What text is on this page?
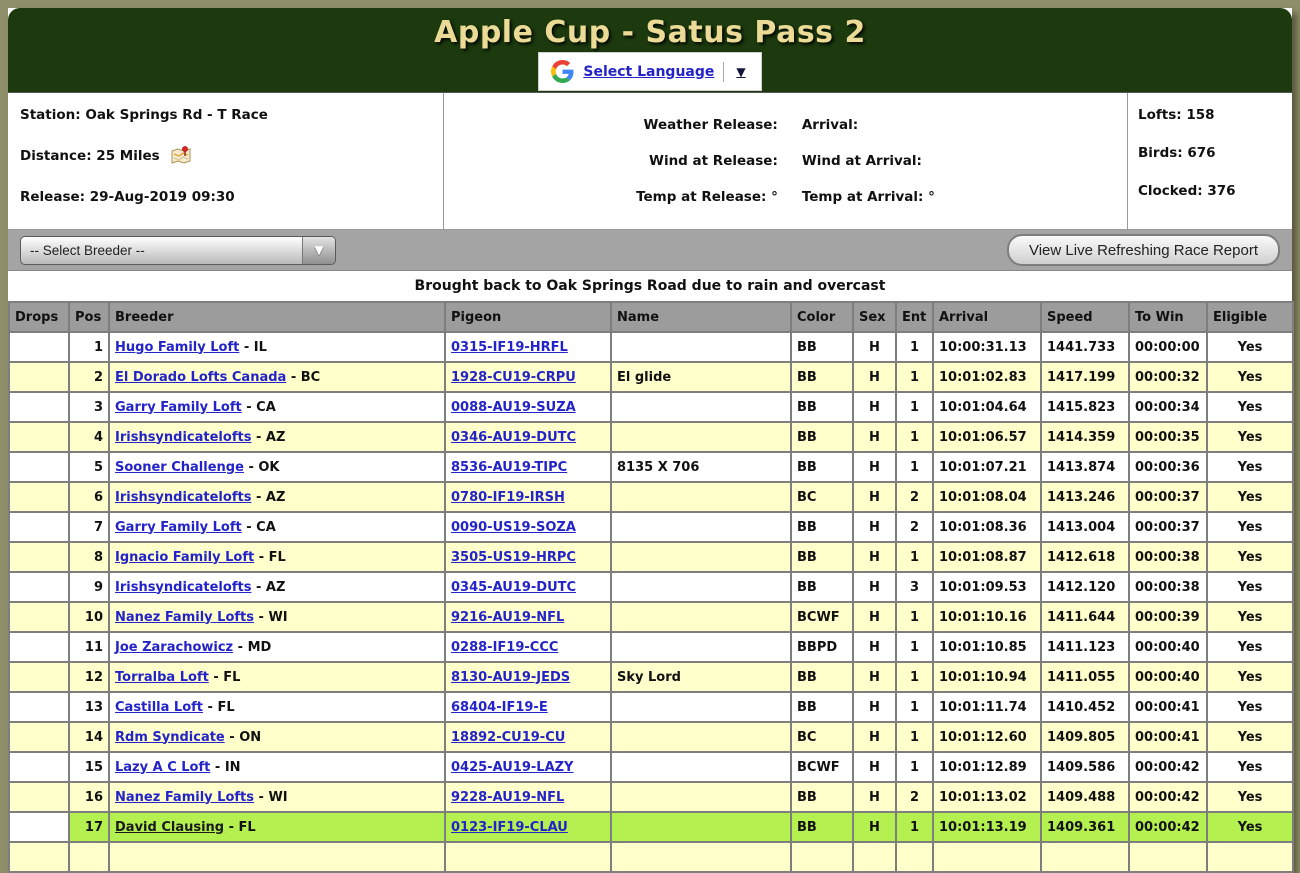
Apple Cup - Satus Pass 2
Select Language ▼
Station: Oak Springs Rd - T Race
Distance: 25 Miles
Release: 29-Aug-2019 09:30
Weather Release: Arrival:
Wind at Release: Wind at Arrival:
Temp at Release: ° Temp at Arrival: °
Lofts: 158
Birds: 676
Clocked: 376
-- Select Breeder --	▼	View Live Refreshing Race Report
Brought back to Oak Springs Road due to rain and overcast
Drops	Pos	Breeder	Pigeon	Name	Color	Sex	Ent	Arrival	Speed	To Win	Eligible
	1	Hugo Family Loft - IL	0315-IF19-HRFL		BB	H	1	10:00:31.13	1441.733	00:00:00	Yes
	2	El Dorado Lofts Canada - BC	1928-CU19-CRPU	El glide	BB	H	1	10:01:02.83	1417.199	00:00:32	Yes
	3	Garry Family Loft - CA	0088-AU19-SUZA		BB	H	1	10:01:04.64	1415.823	00:00:34	Yes
	4	Irishsyndicatelofts - AZ	0346-AU19-DUTC		BB	H	1	10:01:06.57	1414.359	00:00:35	Yes
	5	Sooner Challenge - OK	8536-AU19-TIPC	8135 X 706	BB	H	1	10:01:07.21	1413.874	00:00:36	Yes
	6	Irishsyndicatelofts - AZ	0780-IF19-IRSH		BC	H	2	10:01:08.04	1413.246	00:00:37	Yes
	7	Garry Family Loft - CA	0090-US19-SOZA		BB	H	2	10:01:08.36	1413.004	00:00:37	Yes
	8	Ignacio Family Loft - FL	3505-US19-HRPC		BB	H	1	10:01:08.87	1412.618	00:00:38	Yes
	9	Irishsyndicatelofts - AZ	0345-AU19-DUTC		BB	H	3	10:01:09.53	1412.120	00:00:38	Yes
	10	Nanez Family Lofts - WI	9216-AU19-NFL		BCWF	H	1	10:01:10.16	1411.644	00:00:39	Yes
	11	Joe Zarachowicz - MD	0288-IF19-CCC		BBPD	H	1	10:01:10.85	1411.123	00:00:40	Yes
	12	Torralba Loft - FL	8130-AU19-JEDS	Sky Lord	BB	H	1	10:01:10.94	1411.055	00:00:40	Yes
	13	Castilla Loft - FL	68404-IF19-E		BB	H	1	10:01:11.74	1410.452	00:00:41	Yes
	14	Rdm Syndicate - ON	18892-CU19-CU		BC	H	1	10:01:12.60	1409.805	00:00:41	Yes
	15	Lazy A C Loft - IN	0425-AU19-LAZY		BCWF	H	1	10:01:12.89	1409.586	00:00:42	Yes
	16	Nanez Family Lofts - WI	9228-AU19-NFL		BB	H	2	10:01:13.02	1409.488	00:00:42	Yes
	17	David Clausing - FL	0123-IF19-CLAU		BB	H	1	10:01:13.19	1409.361	00:00:42	Yes
